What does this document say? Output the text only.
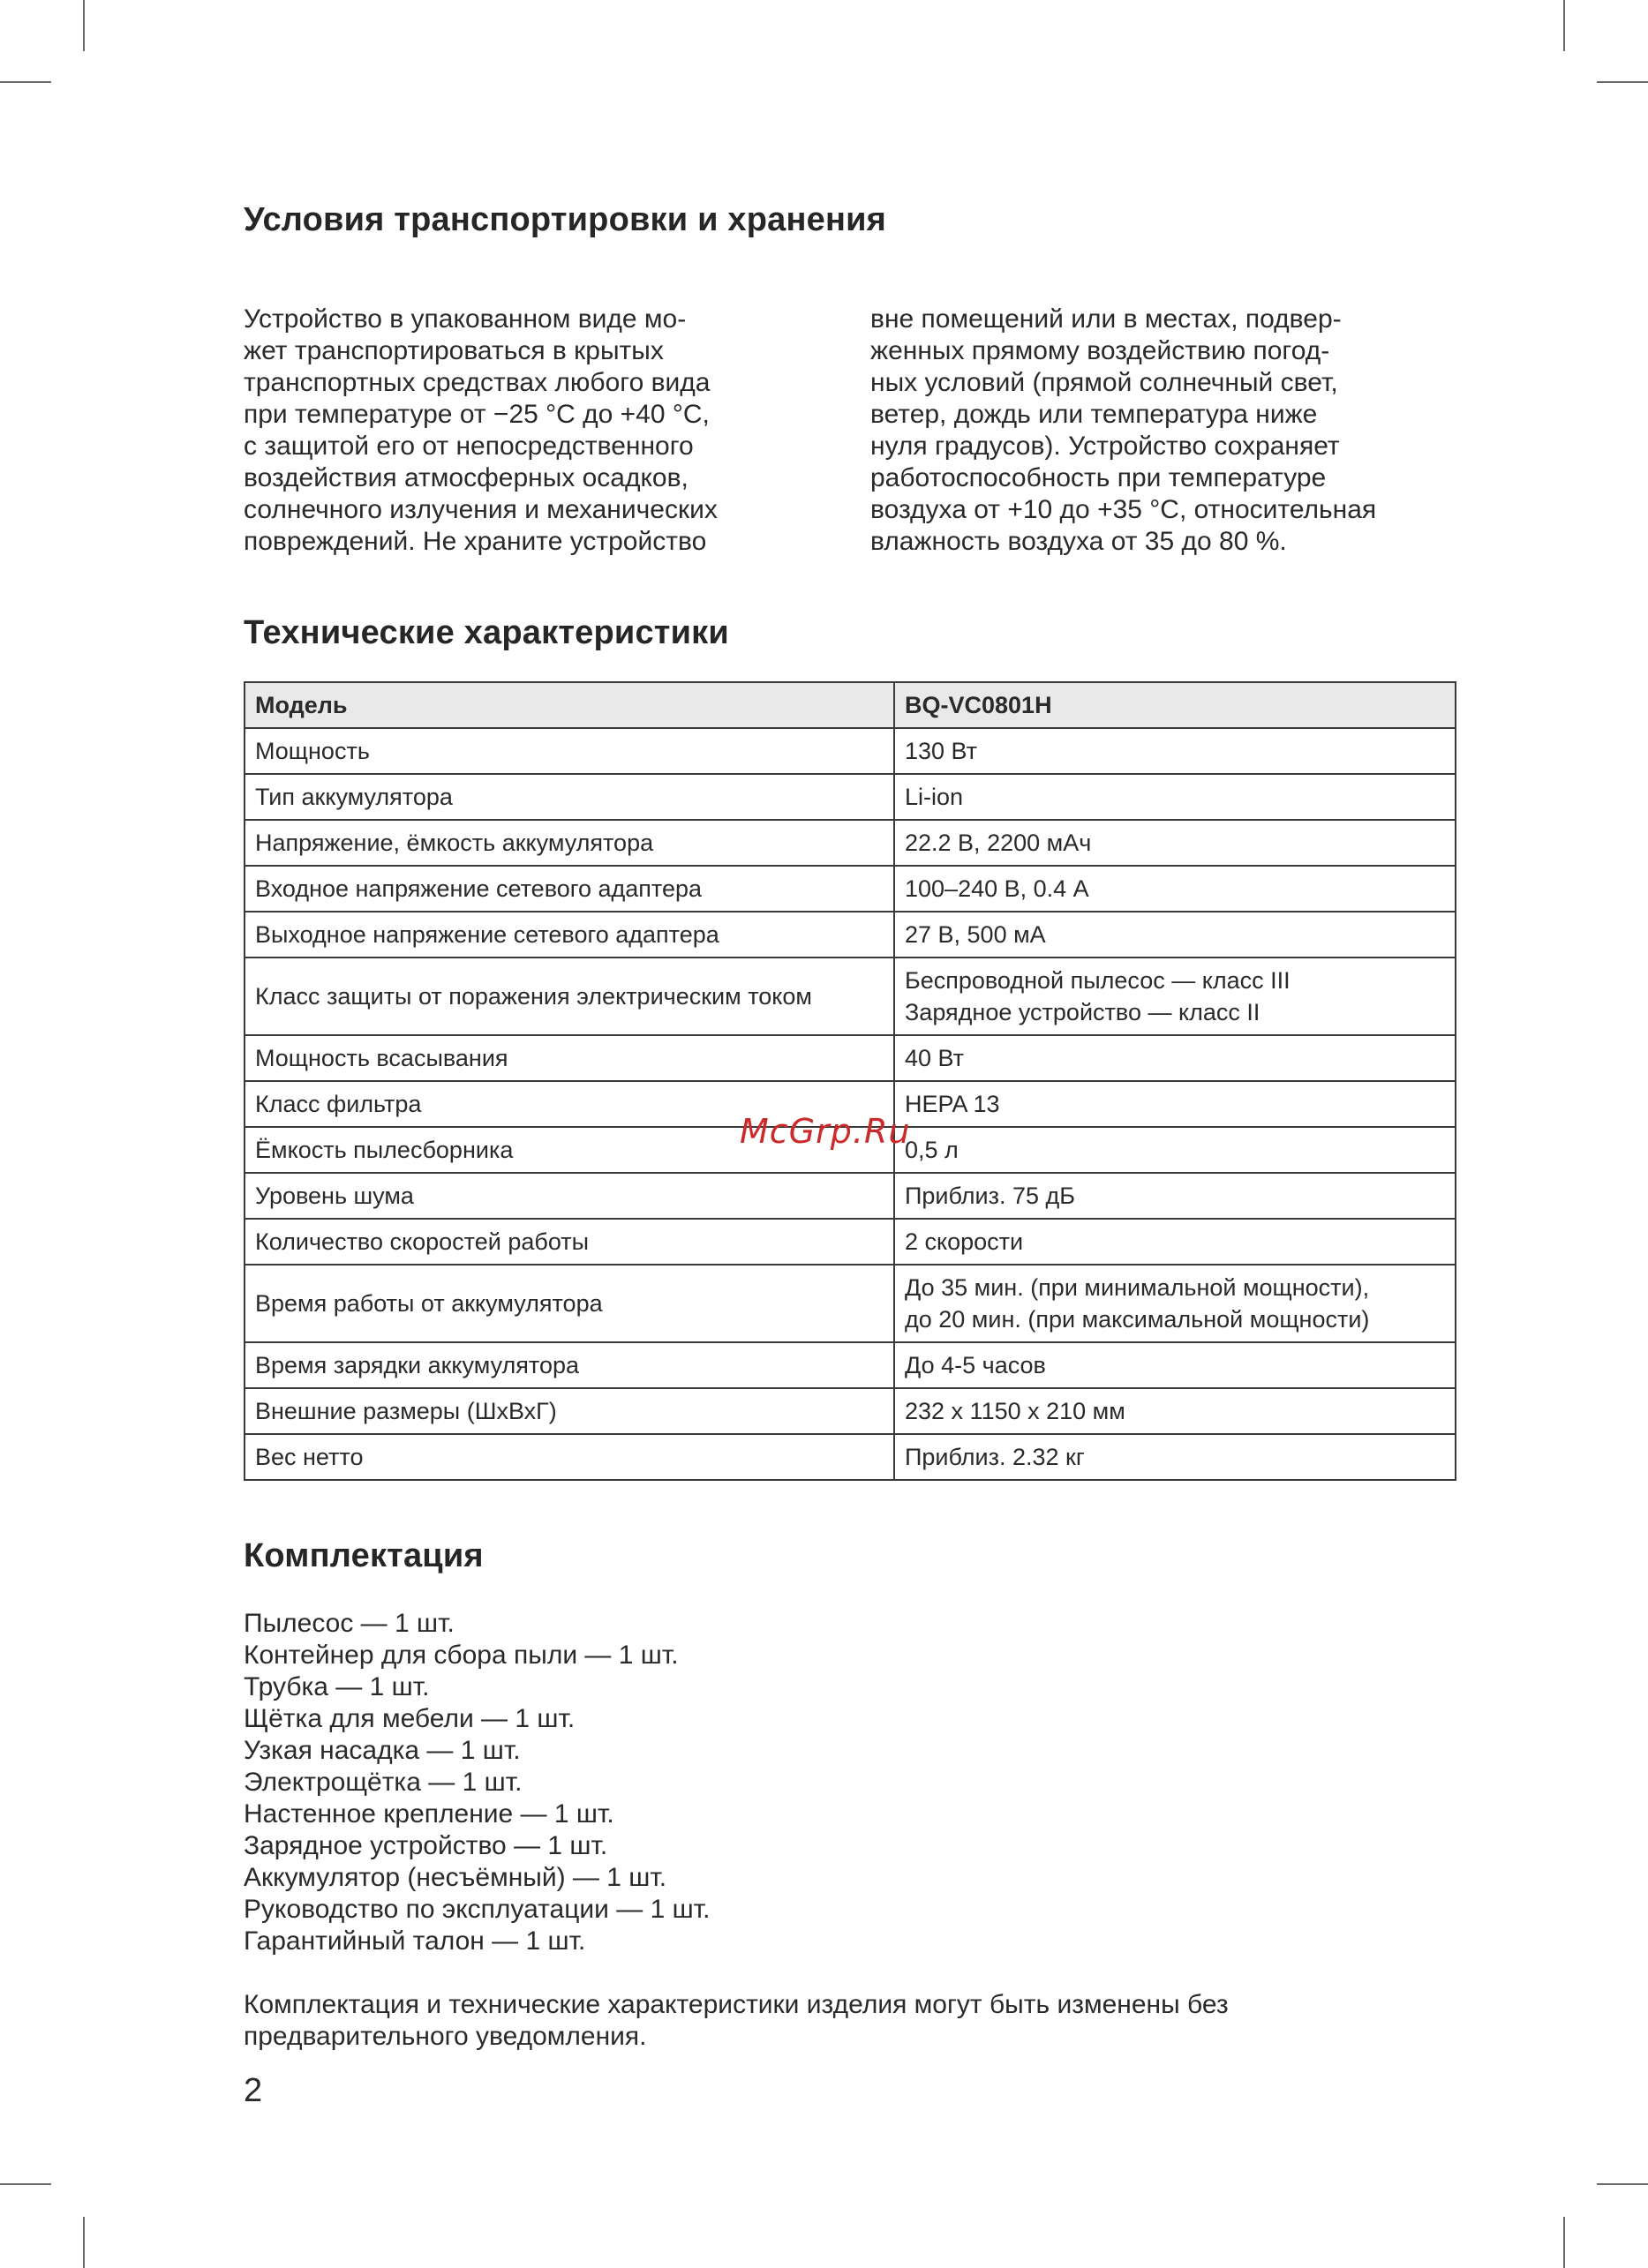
Условия транспортировки и хранения

Устройство в упакованном виде мо-
жет транспортироваться в крытых
транспортных средствах любого вида
при температуре от −25 °C до +40 °C,
с защитой его от непосредственного
воздействия атмосферных осадков,
солнечного излучения и механических
повреждений. Не храните устройство

вне помещений или в местах, подвер-
женных прямому воздействию погод-
ных условий (прямой солнечный свет,
ветер, дождь или температура ниже
нуля градусов). Устройство сохраняет
работоспособность при температуре
воздуха от +10 до +35 °C, относительная
влажность воздуха от 35 до 80 %.

Технические характеристики
Модель	BQ-VC0801H
Мощность	130 Вт
Тип аккумулятора	Li-ion
Напряжение, ёмкость аккумулятора	22.2 В, 2200 мАч
Входное напряжение сетевого адаптера	100–240 В, 0.4 А
Выходное напряжение сетевого адаптера	27 В, 500 мА
Класс защиты от поражения электрическим током	Беспроводной пылесос — класс III
Зарядное устройство — класс II

Мощность всасывания	40 Вт
Класс фильтра	HEPA 13
Ёмкость пылесборника	0,5 л
Уровень шума	Приблиз. 75 дБ
Количество скоростей работы	2 скорости
Время работы от аккумулятора	До 35 мин. (при минимальной мощности),
до 20 мин. (при максимальной мощности)

Время зарядки аккумулятора	До 4-5 часов
Внешние размеры (ШхВхГ)	232 х 1150 х 210 мм
Вес нетто	Приблиз. 2.32 кг
McGrp.Ru
Комплектация
Пылесос — 1 шт.
Контейнер для сбора пыли — 1 шт.
Трубка — 1 шт.
Щётка для мебели — 1 шт.
Узкая насадка — 1 шт.
Электрощётка — 1 шт.
Настенное крепление — 1 шт.
Зарядное устройство — 1 шт.
Аккумулятор (несъёмный) — 1 шт.
Руководство по эксплуатации — 1 шт.
Гарантийный талон — 1 шт.

Комплектация и технические характеристики изделия могут быть изменены без
предварительного уведомления.

2
